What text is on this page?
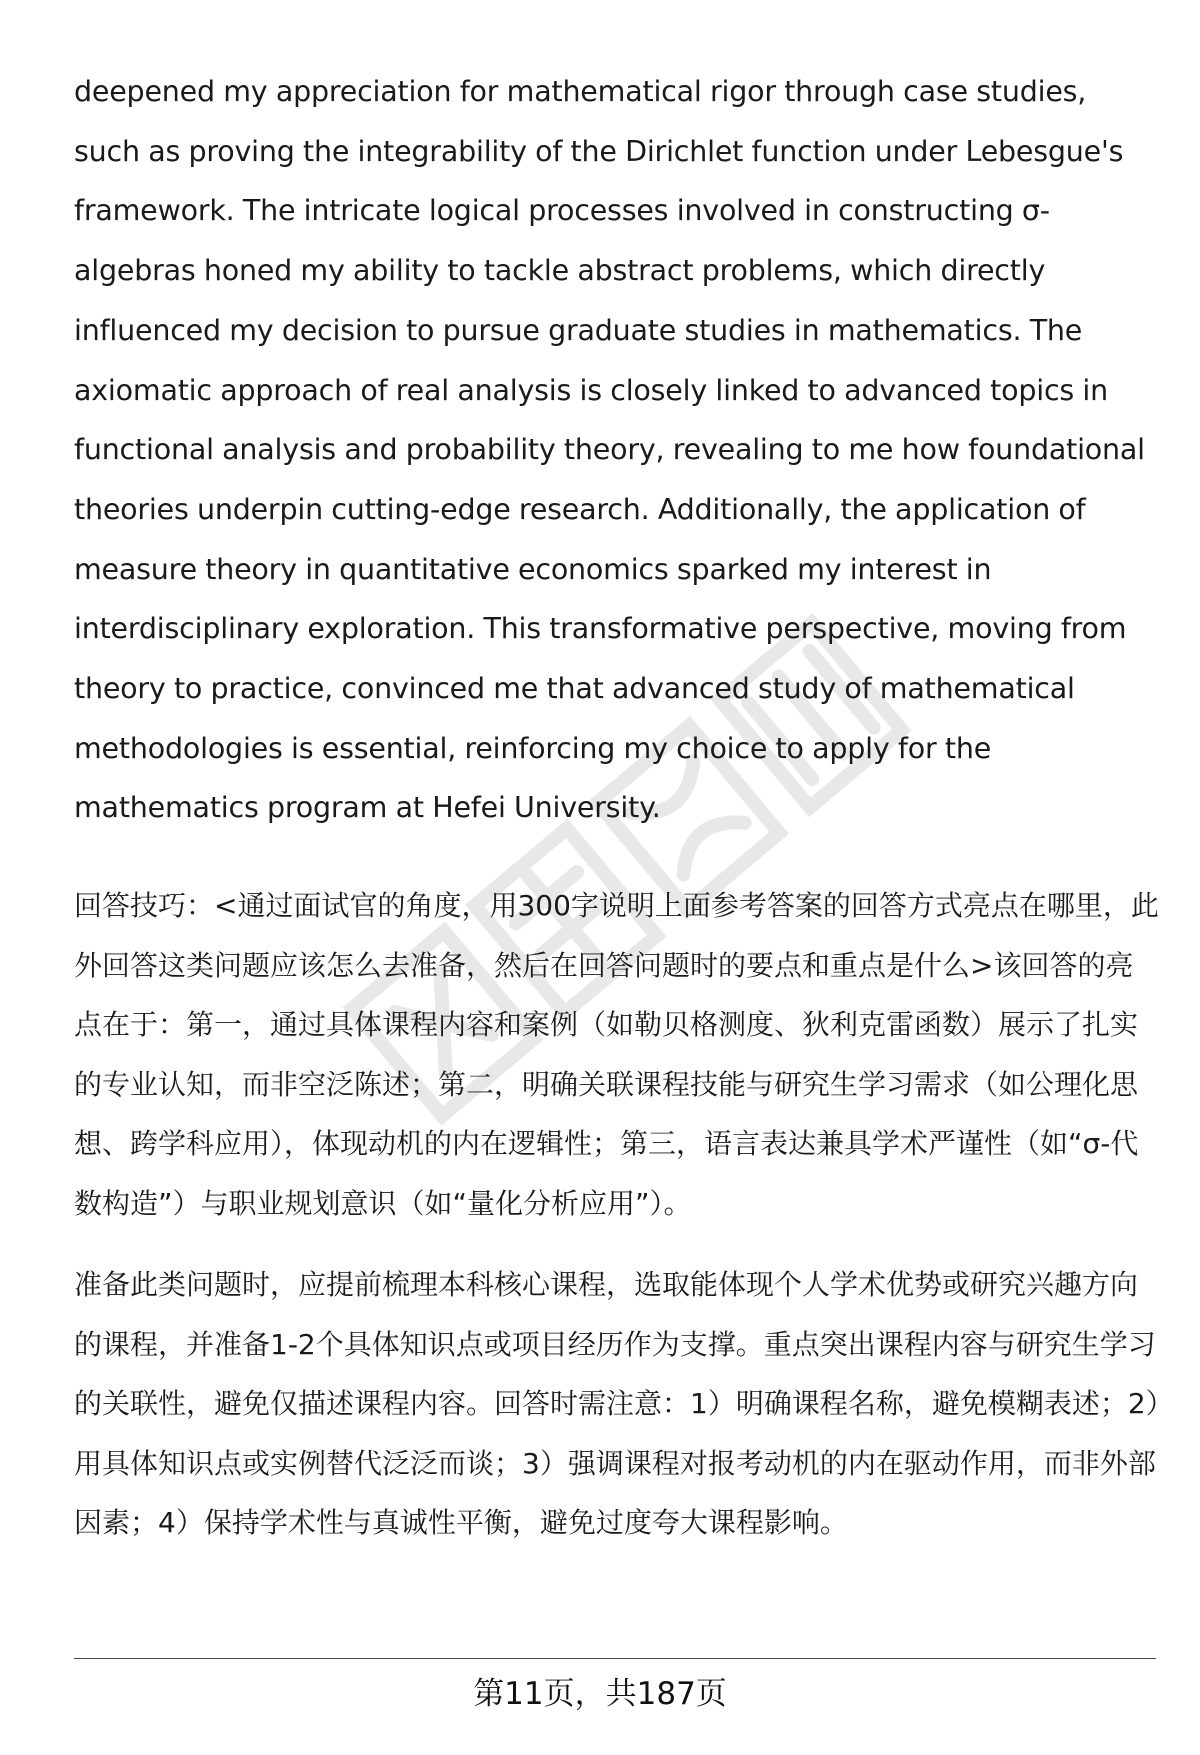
deepened my appreciation for mathematical rigor through case studies, such as proving the integrability of the Dirichlet function under Lebesgue's framework. The intricate logical processes involved in constructing σ-algebras honed my ability to tackle abstract problems, which directly influenced my decision to pursue graduate studies in mathematics. The axiomatic approach of real analysis is closely linked to advanced topics in functional analysis and probability theory, revealing to me how foundational theories underpin cutting-edge research. Additionally, the application of measure theory in quantitative economics sparked my interest in interdisciplinary exploration. This transformative perspective, moving from theory to practice, convinced me that advanced study of mathematical methodologies is essential, reinforcing my choice to apply for the mathematics program at Hefei University.

回答技巧：<通过面试官的角度，用300字说明上面参考答案的回答方式亮点在哪里，此外回答这类问题应该怎么去准备，然后在回答问题时的要点和重点是什么>该回答的亮点在于：第一，通过具体课程内容和案例（如勒贝格测度、狄利克雷函数）展示了扎实的专业认知，而非空泛陈述；第二，明确关联课程技能与研究生学习需求（如公理化思想、跨学科应用），体现动机的内在逻辑性；第三，语言表达兼具学术严谨性（如“σ-代数构造”）与职业规划意识（如“量化分析应用”）。

准备此类问题时，应提前梳理本科核心课程，选取能体现个人学术优势或研究兴趣方向的课程，并准备1-2个具体知识点或项目经历作为支撑。重点突出课程内容与研究生学习的关联性，避免仅描述课程内容。回答时需注意：1）明确课程名称，避免模糊表述；2）用具体知识点或实例替代泛泛而谈；3）强调课程对报考动机的内在驱动作用，而非外部因素；4）保持学术性与真诚性平衡，避免过度夸大课程影响。

第11页，共187页
